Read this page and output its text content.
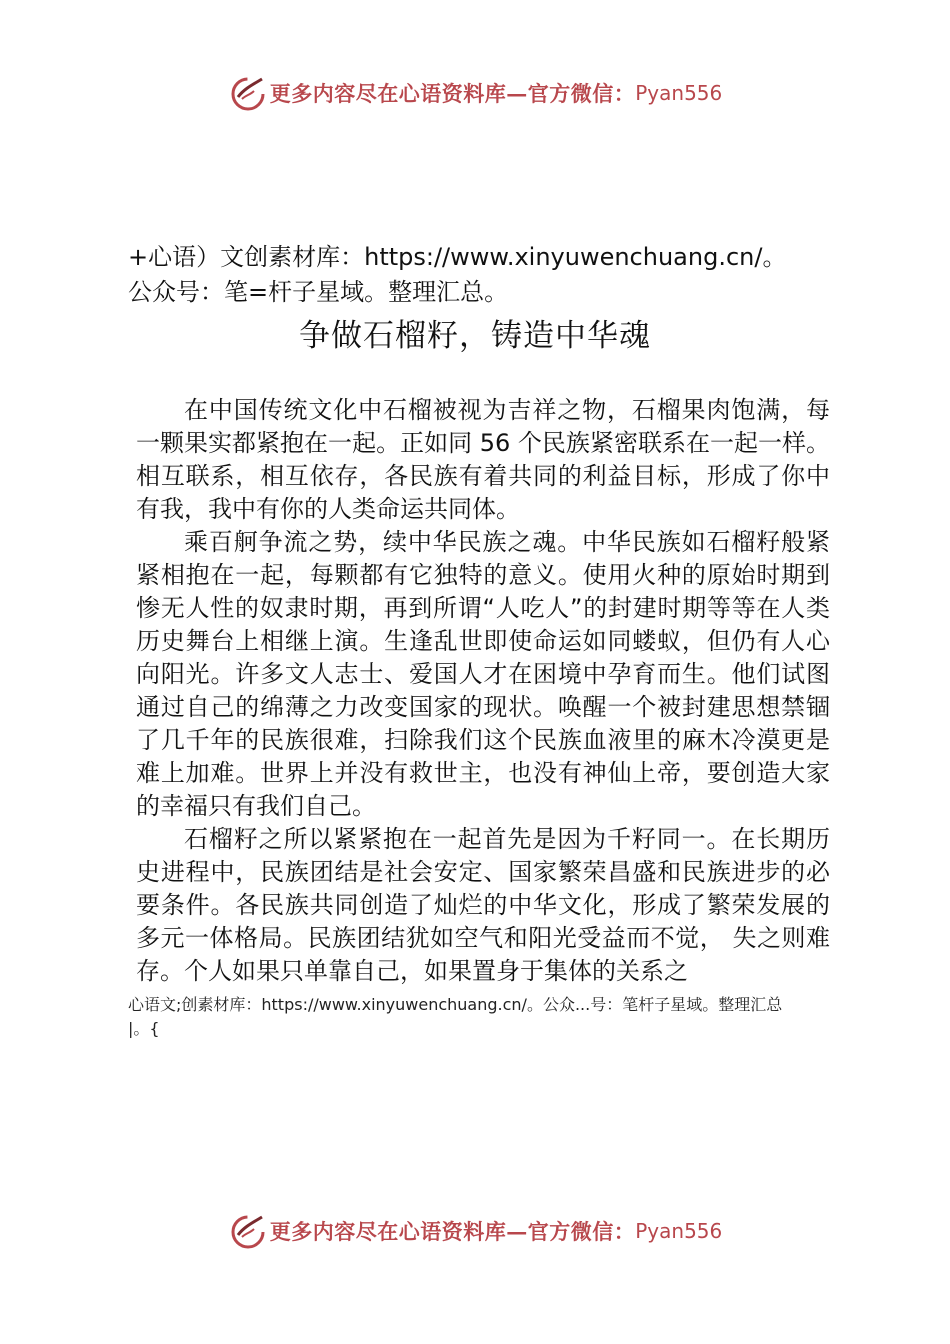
更多内容尽在心语资料库—官方微信： Pyan556
+心语）文创素材库：https://www.xinyuwenchuang.cn/。
公众号：笔=杆子星域。整理汇总。
争做石榴籽，铸造中华魂

在中国传统文化中石榴被视为吉祥之物，石榴果肉饱满，每一颗果实都紧抱在一起。正如同 56 个民族紧密联系在一起一样。相互联系，相互依存，各民族有着共同的利益目标，形成了你中有我，我中有你的人类命运共同体。

乘百舸争流之势，续中华民族之魂。中华民族如石榴籽般紧紧相抱在一起，每颗都有它独特的意义。使用火种的原始时期到惨无人性的奴隶时期，再到所谓“人吃人”的封建时期等等在人类历史舞台上相继上演。生逢乱世即使命运如同蝼蚁，但仍有人心向阳光。许多文人志士、爱国人才在困境中孕育而生。他们试图通过自己的绵薄之力改变国家的现状。唤醒一个被封建思想禁锢了几千年的民族很难，扫除我们这个民族血液里的麻木冷漠更是难上加难。世界上并没有救世主，也没有神仙上帝，要创造大家的幸福只有我们自己。

石榴籽之所以紧紧抱在一起首先是因为千籽同一。在长期历史进程中，民族团结是社会安定、国家繁荣昌盛和民族进步的必要条件。各民族共同创造了灿烂的中华文化，形成了繁荣发展的多元一体格局。民族团结犹如空气和阳光受益而不觉， 失之则难存。个人如果只单靠自己，如果置身于集体的关系之

心语文;创素材库：https://www.xinyuwenchuang.cn/。公众...号：笔杆子星域。整理汇总
|。{
更多内容尽在心语资料库—官方微信： Pyan556
